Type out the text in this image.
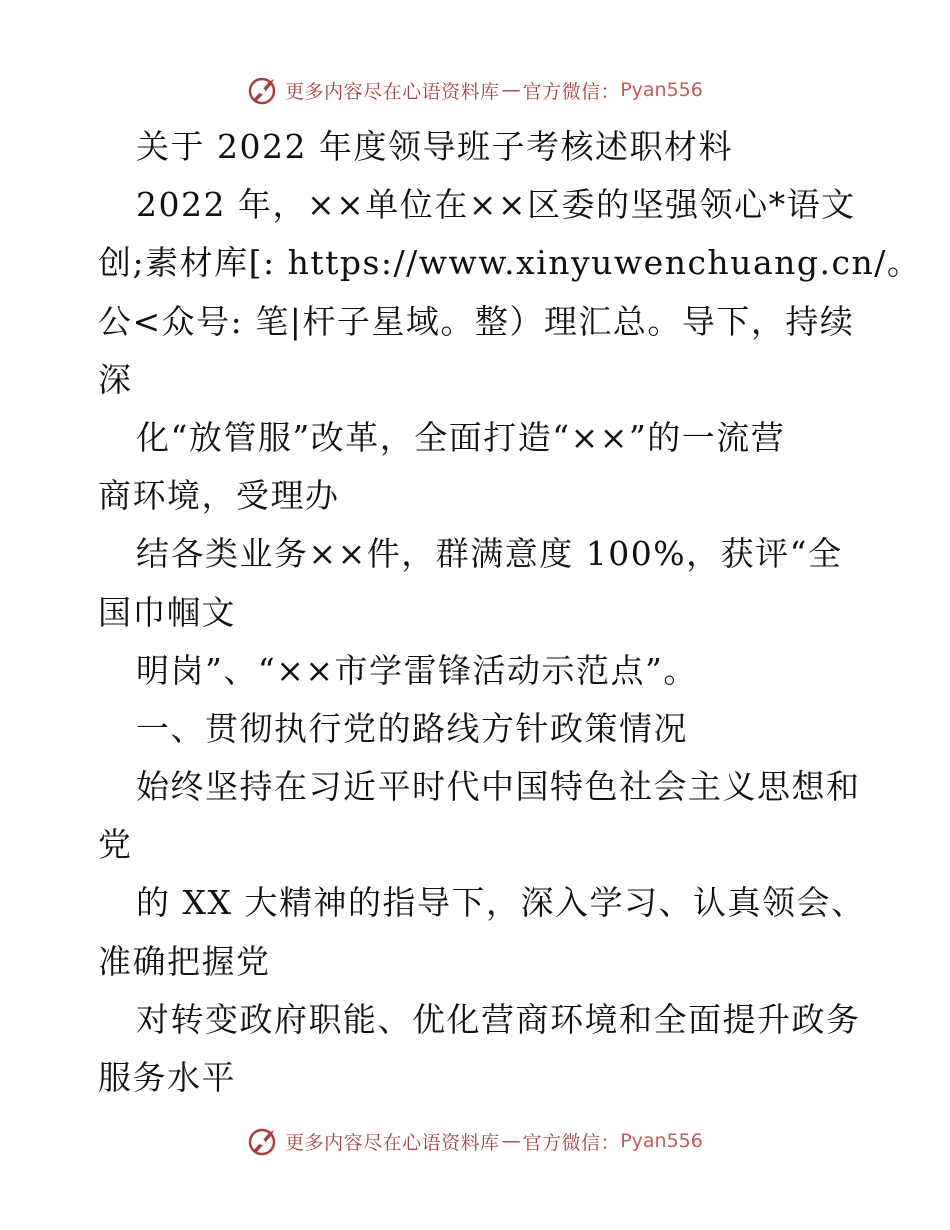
更多内容尽在心语资料库 — 官方微信： Pyan556
关于 2022 年度领导班子考核述职材料
2022 年，××单位在××区委的坚强领心*语文
创;素材库[: https://www.xinyuwenchuang.cn/。
公<众号: 笔|杆子星域。整）理汇总。导下，持续
深
化“放管服”改革，全面打造“××”的一流营
商环境，受理办
结各类业务××件，群满意度 100%，获评“全
国巾帼文
明岗”、“××市学雷锋活动示范点”。
一、贯彻执行党的路线方针政策情况
始终坚持在习近平时代中国特色社会主义思想和
党
的 XX 大精神的指导下，深入学习、认真领会、
准确把握党
对转变政府职能、优化营商环境和全面提升政务
服务水平
更多内容尽在心语资料库 — 官方微信： Pyan556
